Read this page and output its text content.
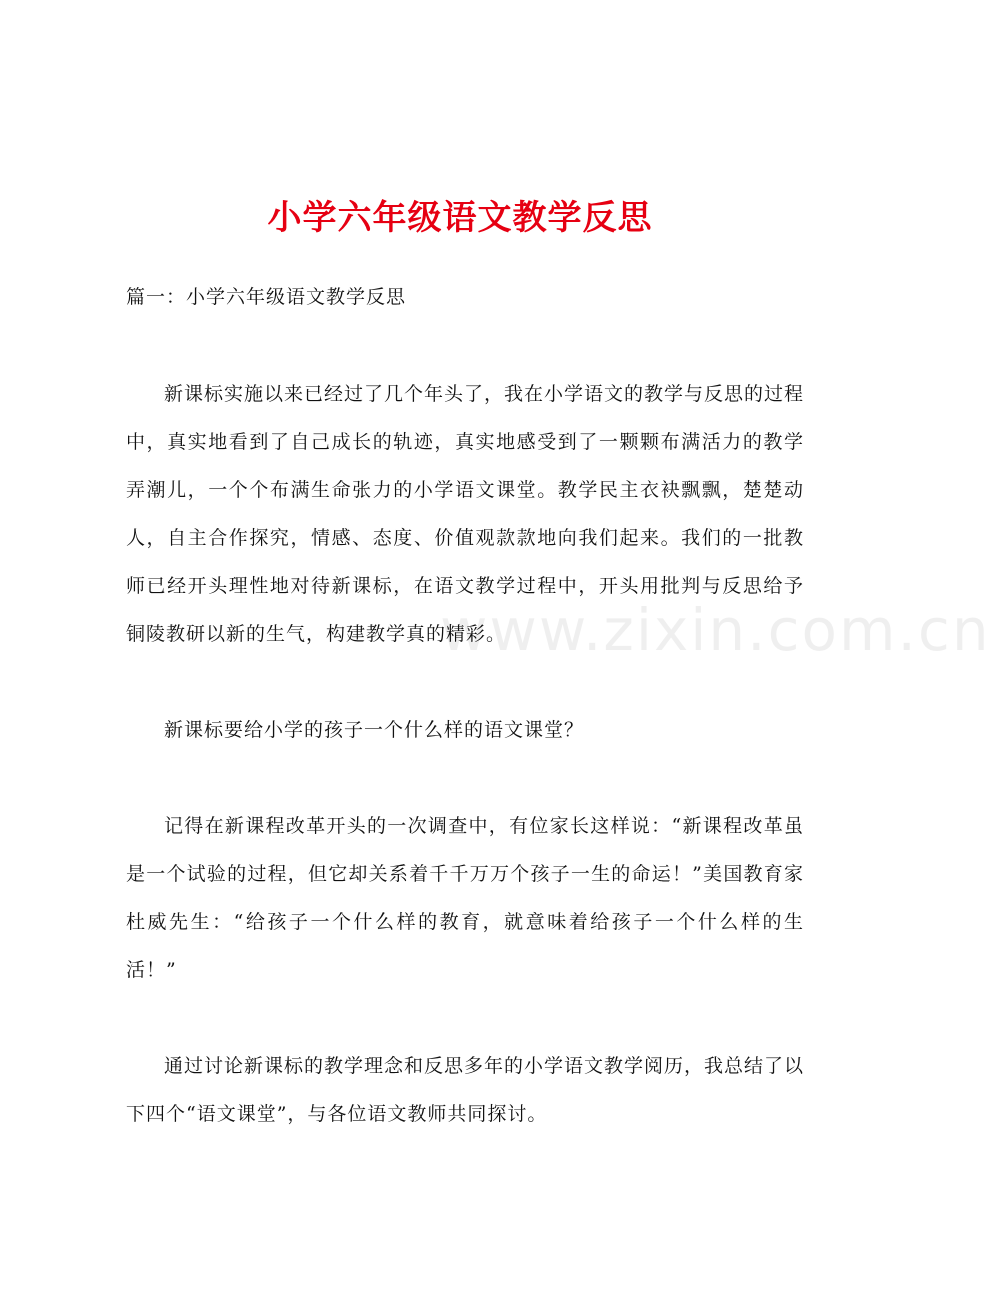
小学六年级语文教学反思

篇一：小学六年级语文教学反思

新课标实施以来已经过了几个年头了，我在小学语文的教学与反思的过程中，真实地看到了自己成长的轨迹，真实地感受到了一颗颗布满活力的教学弄潮儿，一个个布满生命张力的小学语文课堂。教学民主衣袂飘飘，楚楚动人，自主合作探究，情感、态度、价值观款款地向我们起来。我们的一批教师已经开头理性地对待新课标，在语文教学过程中，开头用批判与反思给予铜陵教研以新的生气，构建教学真的精彩。

新课标要给小学的孩子一个什么样的语文课堂？

记得在新课程改革开头的一次调查中，有位家长这样说：“新课程改革虽是一个试验的过程，但它却关系着千千万万个孩子一生的命运！”美国教育家杜威先生：“给孩子一个什么样的教育，就意味着给孩子一个什么样的生活！”

通过讨论新课标的教学理念和反思多年的小学语文教学阅历，我总结了以下四个“语文课堂”，与各位语文教师共同探讨。

www.zixin.com.cn
